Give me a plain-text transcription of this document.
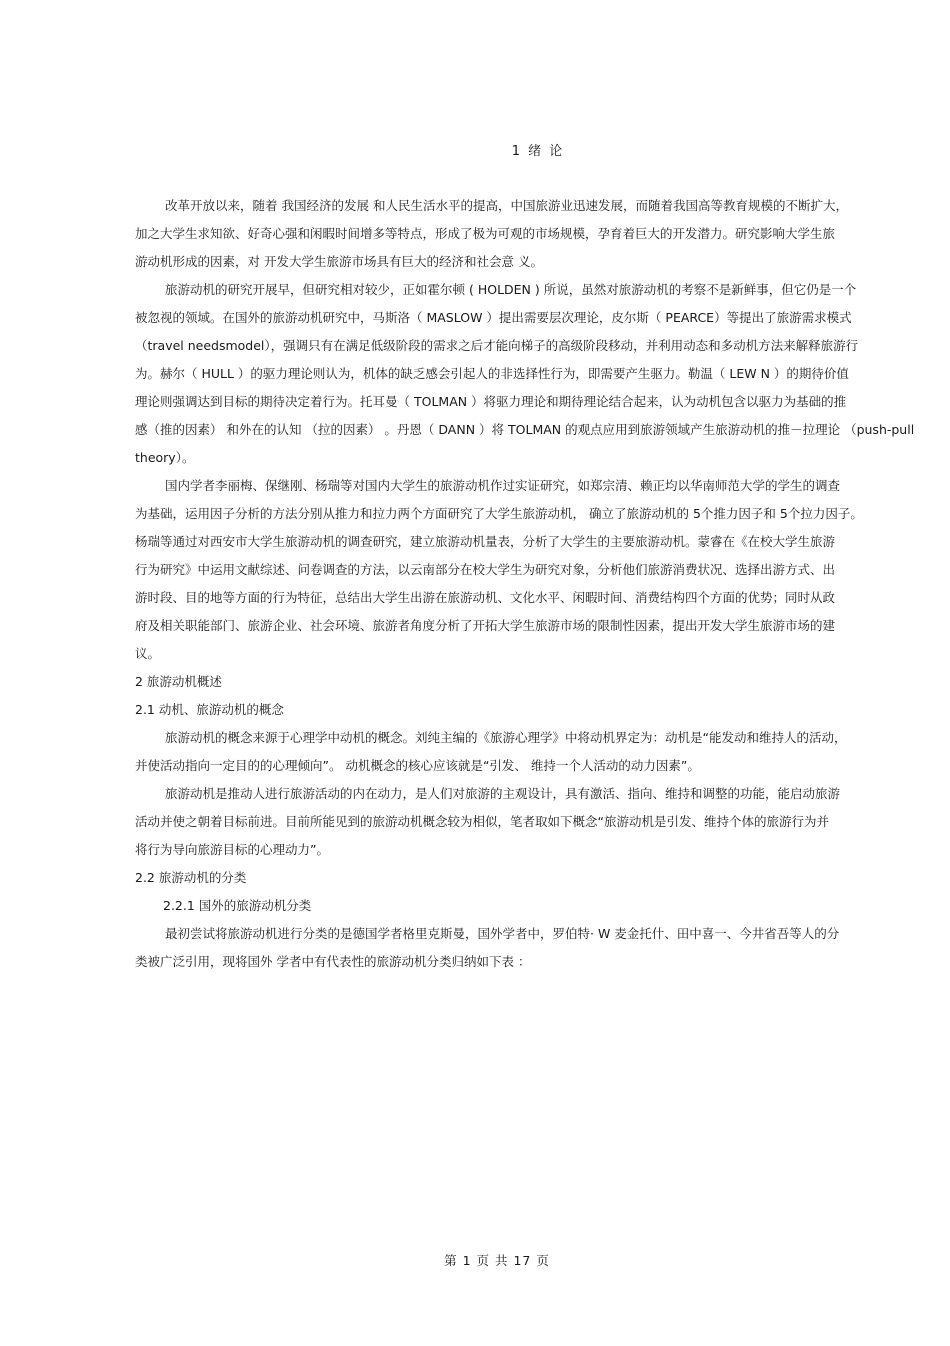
1 绪 论
改革开放以来，随着 我国经济的发展 和人民生活水平的提高，中国旅游业迅速发展，而随着我国高等教育规模的不断扩大，
加之大学生求知欲、好奇心强和闲暇时间增多等特点，形成了极为可观的市场规模，孕育着巨大的开发潜力。研究影响大学生旅
游动机形成的因素，对 开发大学生旅游市场具有巨大的经济和社会意 义。
旅游动机的研究开展早，但研究相对较少，正如霍尔顿 ( HOLDEN ) 所说，虽然对旅游动机的考察不是新鲜事，但它仍是一个
被忽视的领域。在国外的旅游动机研究中，马斯洛（ MASLOW ）提出需要层次理论，皮尔斯（ PEARCE）等提出了旅游需求模式
（travel needsmodel），强调只有在满足低级阶段的需求之后才能向梯子的高级阶段移动，并利用动态和多动机方法来解释旅游行
为。赫尔（ HULL ）的驱力理论则认为，机体的缺乏感会引起人的非选择性行为，即需要产生驱力。勒温（ LEW N ）的期待价值
理论则强调达到目标的期待决定着行为。托耳曼（ TOLMAN ）将驱力理论和期待理论结合起来，认为动机包含以驱力为基础的推
感（推的因素） 和外在的认知 （拉的因素） 。丹恩（ DANN ）将 TOLMAN 的观点应用到旅游领域产生旅游动机的推－拉理论 （push-pull
theory）。
国内学者李丽梅、保继刚、杨瑞等对国内大学生的旅游动机作过实证研究，如郑宗清、赖正均以华南师范大学的学生的调查
为基础，运用因子分析的方法分别从推力和拉力两个方面研究了大学生旅游动机， 确立了旅游动机的 5个推力因子和 5个拉力因子。
杨瑞等通过对西安市大学生旅游动机的调查研究，建立旅游动机量表，分析了大学生的主要旅游动机。蒙睿在《在校大学生旅游
行为研究》中运用文献综述、问卷调查的方法，以云南部分在校大学生为研究对象，分析他们旅游消费状况、选择出游方式、出
游时段、目的地等方面的行为特征，总结出大学生出游在旅游动机、文化水平、闲暇时间、消费结构四个方面的优势；同时从政
府及相关职能部门、旅游企业、社会环境、旅游者角度分析了开拓大学生旅游市场的限制性因素，提出开发大学生旅游市场的建
议。
2 旅游动机概述
2.1 动机、旅游动机的概念
旅游动机的概念来源于心理学中动机的概念。刘纯主编的《旅游心理学》中将动机界定为：动机是“能发动和维持人的活动，
并使活动指向一定目的的心理倾向”。 动机概念的核心应该就是“引发、 维持一个人活动的动力因素”。
旅游动机是推动人进行旅游活动的内在动力，是人们对旅游的主观设计，具有激活、指向、维持和调整的功能，能启动旅游
活动并使之朝着目标前进。目前所能见到的旅游动机概念较为相似，笔者取如下概念“旅游动机是引发、维持个体的旅游行为并
将行为导向旅游目标的心理动力”。
2.2 旅游动机的分类
2.2.1 国外的旅游动机分类
最初尝试将旅游动机进行分类的是德国学者格里克斯曼，国外学者中，罗伯特· W 麦金托什、田中喜一、今井省吾等人的分
类被广泛引用，现将国外 学者中有代表性的旅游动机分类归纳如下表 ：
第 1 页 共 17 页
